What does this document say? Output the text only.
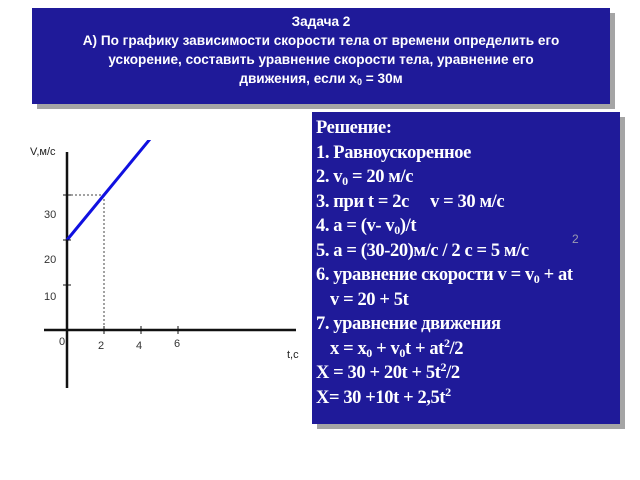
Задача 2
А) По графику зависимости скорости тела от времени определить его
ускорение, составить уравнение скорости тела, уравнение его
движения, если $x_0 = 30м$
V,м/с
t,c
30
20
10
0	2	4	6
Решение:
1. Равноускоренное
2. $v_0 = 20$ м/с
3. при t = 2с     v = 30 м/с
4. a = (v- $v_0)/t$
5. a = (30-20)м/с / 2 с = 5 м/с
6. уравнение скорости $v = v_0$ + at
v = 20 + 5t
7. уравнение движения
$x = x_0 + v_0t + at^2/2$
$X = 30 + 20t + 5t^2/2$
$X= 30 +10t + 2,5t^2$
2
